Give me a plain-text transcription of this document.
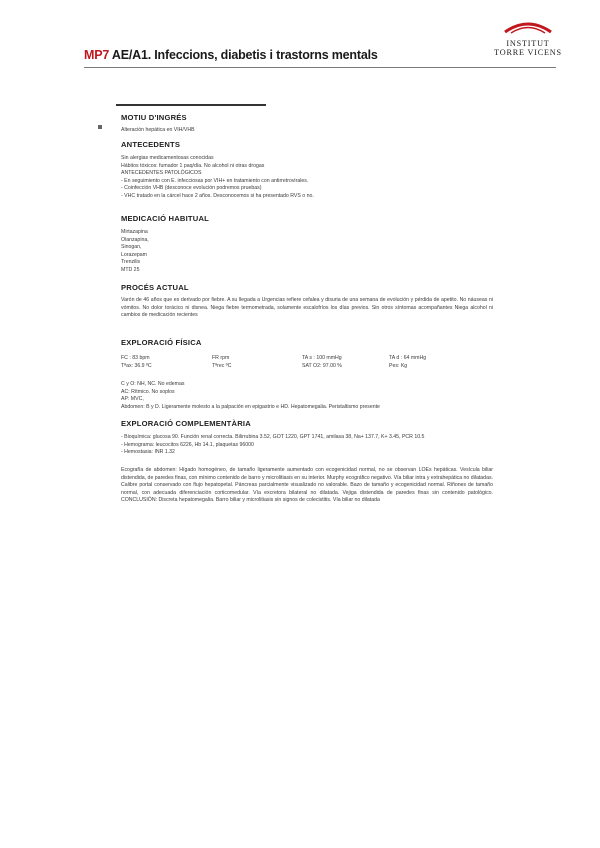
MP7 AE/A1. Infeccions, diabetis i trastorns mentals
INSTITUT
TORRE VICENS
MOTIU D'INGRÉS
Alteración hepática en VIH/VHB
ANTECEDENTS
Sin alergias medicamentosas conocidas
Hábitos tóxicos: fumador 1 paq/día. No alcohol ni otras drogas
ANTECEDENTES PATOLÓGICOS
- En seguimiento con E. infecciosas por VIH+ en tratamiento con antirretrovirales.
- Coinfección VHB (desconoce evolución podremos pruebas)
- VHC tratado en la cárcel hace 2 años. Desconocemos si ha presentado RVS o no.
MEDICACIÓ HABITUAL
Mirtazapina
Olanzapina,
Sinogan,
Lorazepam
Trenzilis
MTD 25
PROCÉS ACTUAL
Varón de 46 años que es derivado por fiebre. A su llegada a Urgencias refiere cefalea y disuria de una semana de evolución y pérdida de apetito. No náuseas ni vómitos. No dolor torácico ni disnea. Niega fiebre termometrada, solamente escalofríos los días previos. Sin otros síntomas acompañantes Niega alcohol ni cambios de medicación recientes
EXPLORACIÓ FÍSICA
FC : 83 bpm
Tªax: 36.9 ºC
FR rpm
Tªrec ºC
TA s : 100 mmHg
SAT O2: 97.00 %
TA d : 64 mmHg
Pes: Kg
C y O: NH, NC. No edemas
AC: Rítmico. No soplos
AP: MVC,
Abdomen: B y D. Ligeramente molesto a la palpación en epigastrio e HD. Hepatomegalia. Peristaltismo presente
EXPLORACIÓ COMPLEMENTÀRIA
- Bioquímica: glucosa 90. Función renal correcta. Bilirrubina 3.52, GOT 1220, GPT 1741, amilasa 38, Na+ 137.7, K+ 3.45, PCR 10.5
- Hemograma: leucocitos 6226, Hb 14.1, plaquetas 96000
- Hemostasia: INR 1.32
Ecografía de abdomen: Hígado homogéneo, de tamaño ligeramente aumentado con ecogenicidad normal, no se observan LOEs hepáticas. Vesícula biliar distendida, de paredes finas, con mínimo contenido de barro y microlitiasis en su interior. Murphy ecográfico negativo. Vía biliar intra y extrahepática no dilatadas. Calibre portal conservado con flujo hepatopetal. Páncreas parcialmente visualizado no valorable. Bazo de tamaño y ecogenicidad normal. Riñones de tamaño normal, con adecuada diferenciación corticomedular. Vía excretora bilateral no dilatada. Vejiga distendida de paredes finas sin contenido patológico. CONCLUSIÓN: Discreta hepatomegalia. Barro biliar y microlitiasis sin signos de colecistitis. Vía biliar no dilatada
